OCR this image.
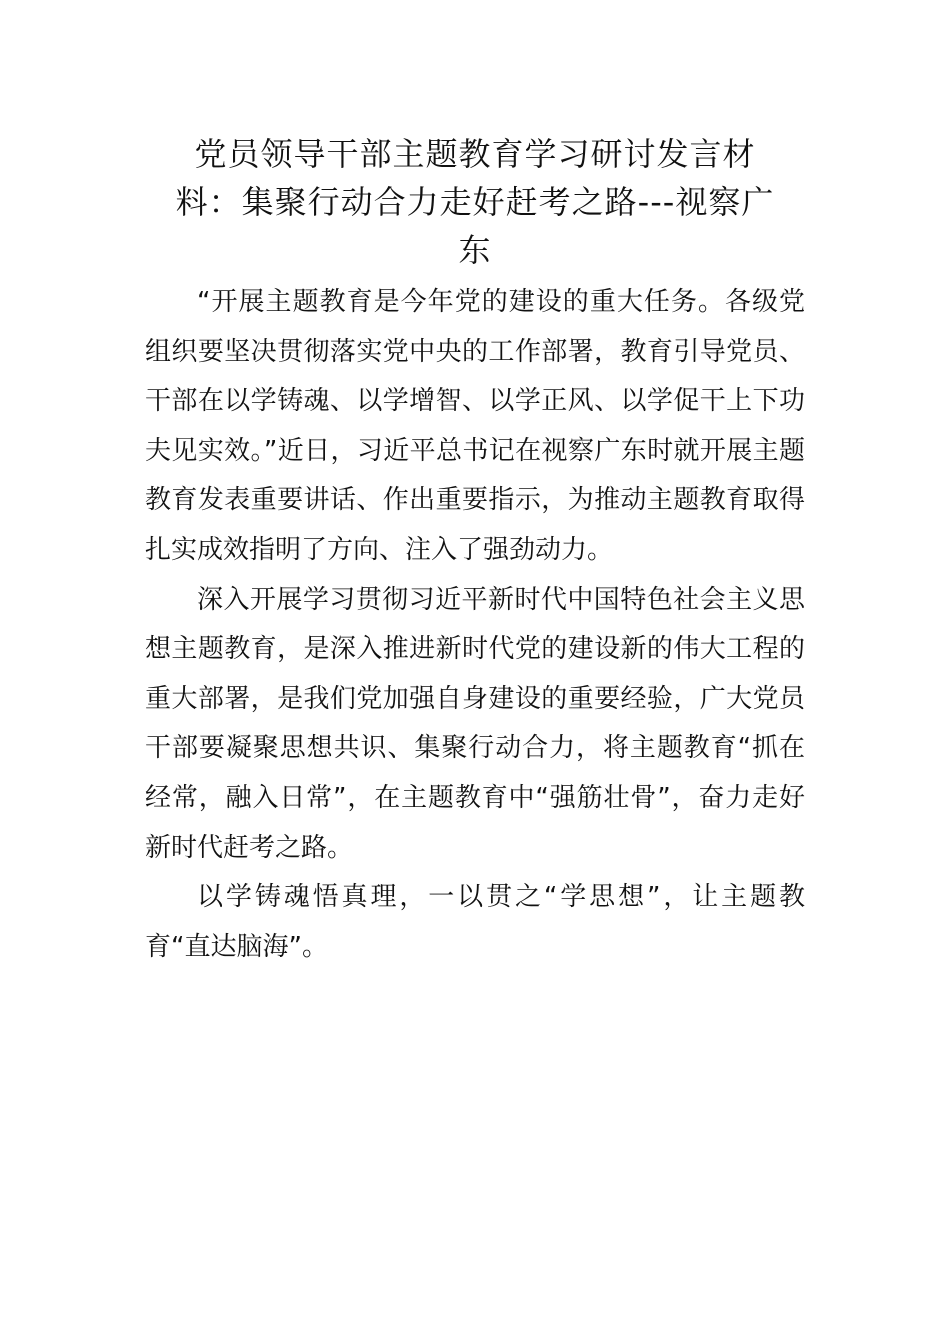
党员领导干部主题教育学习研讨发言材
料：集聚行动合力走好赶考之路---视察广
东

“开展主题教育是今年党的建设的重大任务。各级党组织要坚决贯彻落实党中央的工作部署，教育引导党员、干部在以学铸魂、以学增智、以学正风、以学促干上下功夫见实效。”近日，习近平总书记在视察广东时就开展主题教育发表重要讲话、作出重要指示，为推动主题教育取得扎实成效指明了方向、注入了强劲动力。

深入开展学习贯彻习近平新时代中国特色社会主义思想主题教育，是深入推进新时代党的建设新的伟大工程的重大部署，是我们党加强自身建设的重要经验，广大党员干部要凝聚思想共识、集聚行动合力，将主题教育“抓在经常，融入日常”，在主题教育中“强筋壮骨”，奋力走好新时代赶考之路。

以学铸魂悟真理，一以贯之“学思想”，让主题教育“直达脑海”。
